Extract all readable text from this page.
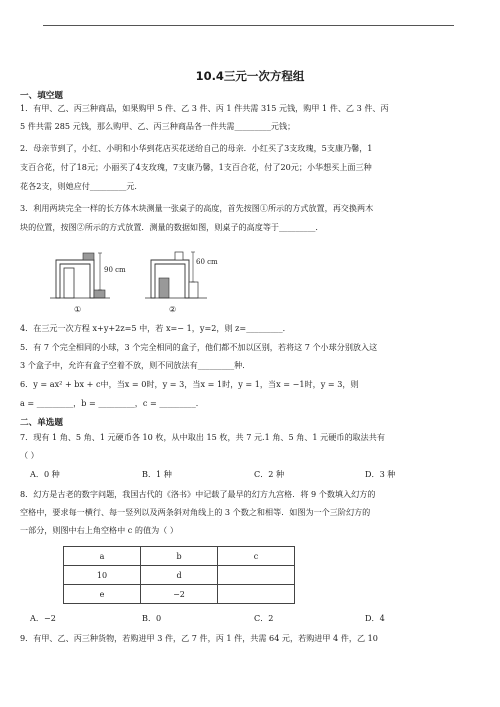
10.4三元一次方程组
一、填空题
1．有甲、乙、丙三种商品，如果购甲 5 件、乙 3 件、丙 1 件共需 315 元钱，购甲 1 件、乙 3 件、丙
5 件共需 285 元钱，那么购甲、乙、丙三种商品各一件共需_________元钱；
2．母亲节到了，小红、小明和小华到花店买花送给自己的母亲．小红买了3支玫瑰，5支康乃馨，1
支百合花，付了18元；小丽买了4支玫瑰，7支康乃馨，1支百合花，付了20元；小华想买上面三种
花各2支，则她应付_________元．
3．利用两块完全一样的长方体木块测量一张桌子的高度，首先按图①所示的方式放置，再交换两木
块的位置，按图②所示的方式放置．测量的数据如图，则桌子的高度等于_________．
90 cm
①
60 cm
②
4．在三元一次方程 x+y+2z=5 中，若 x=− 1，y=2，则 z=_________．
5．有 7 个完全相同的小球，3 个完全相同的盒子，他们都不加以区别，若将这 7 个小球分别放入这
3 个盒子中，允许有盒子空着不放，则不同放法有_________种．
6．y = ax² + bx + c中，当x = 0时，y = 3，当x = 1时，y = 1，当x = −1时，y = 3，则
a = _________，b = _________，c = _________．
二、单选题
7．现有 1 角、5 角、1 元硬币各 10 枚，从中取出 15 枚，共 7 元.1 角、5 角、1 元硬币的取法共有
（ ）
A．0 种	B．1 种	C．2 种	D．3 种
8．幻方是古老的数字问题，我国古代的《洛书》中记载了最早的幻方九宫格．将 9 个数填入幻方的
空格中，要求每一横行、每一竖列以及两条斜对角线上的 3 个数之和相等．如图为一个三阶幻方的
一部分，则图中右上角空格中 c 的值为（ ）
a	b	c
10	d	
e	−2	
A．−2	B．0	C．2	D．4
9．有甲、乙、丙三种货物，若购进甲 3 件，乙 7 件，丙 1 件，共需 64 元，若购进甲 4 件，乙 10
